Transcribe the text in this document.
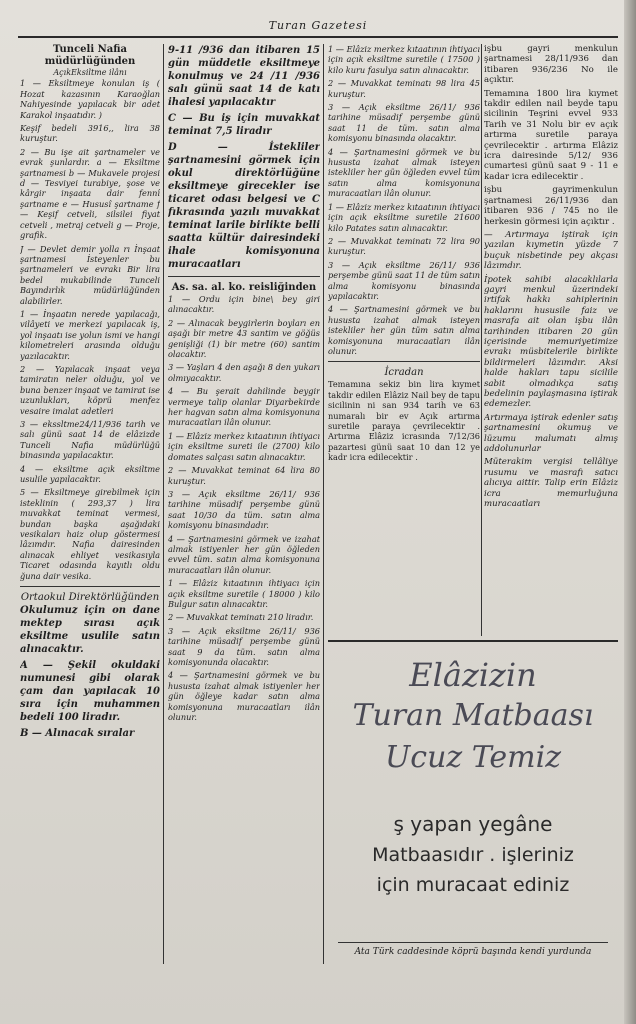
Turan Gazetesi
Tunceli Nafia müdürlüğünden
AçıkEksiltme ilânı

1 — Eksiltmeye konulan iş ( Hozat kazasının Karaoğlan Nahiyesinde yapılacak bir adet Karakol inşaatıdır. )

Keşif bedeli 3916,, lira 38 kuruştur.

2 — Bu işe ait şartnameler ve evrak şunlardır. a — Eksiltme şartnamesi b — Mukavele projesi d — Tesviyei turabiye, şose ve kârgir inşaata dair fennî şartname e — Hususî şartname f — Keşif cetveli, silsilei fiyat cetveli , metraj cetveli g — Proje, grafik.

J — Devlet demir yolla rı İnşaat şartnamesi İsteyenler bu şartnameleri ve evrakı Bir lira bedel mukabilinde Tunceli Bayındırlık müdürlüğünden alabilirler.

1 — İnşaatın nerede yapılacağı, vilâyeti ve merkezi yapılacak iş, yol inşaatı ise yolun ismi ve hangi kilometreleri arasında olduğu yazılacaktır.

2 — Yapılacak inşaat veya tamiratın neler olduğu, yol ve buna benzer inşaat ve tamirat ise uzunlukları, köprü menfez vesaire imalat adetleri

3 — ekssltme24/11/936 tarih ve salı günü saat 14 de elâzizde Tunceli Nafia müdürlüğü binasında yapılacaktır.

4 — eksiltme açık eksiltme usulile yapılacaktır.

5 — Eksiltmeye girebilmek için isteklinin ( 293,37 ) lira muvakkat teminat vermesi, bundan başka aşağıdaki vesikaları haiz olup göstermesi lâzımdır. Nafia dairesinden alınacak ehliyet vesikasıyla Ticaret odasında kayıtlı oldu ğuna dair vesika.

Ortaokul Direktörlüğünden

Okulumuz için on dane mektep sırası açık eksiltme usulile satın alınacaktır.

A — Şekil okuldaki numunesi gibi olarak çam dan yapılacak 10 sıra için muhammen bedeli 100 liradır.

B — Alınacak sıralar

9-11 /936 dan itibaren 15 gün müddetle eksiltmeye konulmuş ve 24 /11 /936 salı günü saat 14 de katı ihalesi yapılacaktır

C — Bu iş için muvakkat teminat 7,5 liradır

D — İstekliler şartnamesini görmek için okul direktörlüğüne eksiltmeye girecekler ise ticaret odası belgesi ve C fıkrasında yazılı muvakkat teminat larile birlikte belli saatta kültür dairesindeki ihale komisyonuna muracaatları

As. sa. al. ko. reisliğinden

1 — Ordu için bine\ bey giri alınacaktır.

2 — Alınacak beygirlerin boyları en aşağı bir metre 43 santim ve göğüs genişliği (1) bir metre (60) santim olacaktır.

3 — Yaşları 4 den aşağı 8 den yukarı olmıyacaktır.

4 — Bu şerait dahilinde beygir vermeye talip olanlar Diyarbekirde her hagvan satın alma komisyonuna muracaatları ilân olunur.

1 — Elâziz merkez kıtaatının ihtiyacı için eksiltme sureti ile (2700) kilo domates salçası satın alınacaktır.

2 — Muvakkat teminat 64 lira 80 kuruştur.

3 — Açık eksiltme 26/11/ 936 tarihine müsadif perşembe günü saat 10/30 da tüm. satın alma komisyonu binasındadır.

4 — Şartnamesini görmek ve izahat almak istiyenler her gün öğleden evvel tüm. satın alma komisyonuna muracaatları ilân olunur.

1 — Elâziz kıtaatının ihtiyacı için açık eksiltme suretile ( 18000 ) kilo Bulgur satın alınacaktır.

2 — Muvakkat teminatı 210 liradır.

3 — Açık eksiltme 26/11/ 936 tarihine müsadif perşembe günü saat 9 da tüm. satın alma komisyonunda olacaktır.

4 — Şartnamesini görmek ve bu hususta izahat almak istiyenler her gün öğleye kadar satın alma komisyonuna muracaatları ilân olunur.

1 — Elâziz merkez kıtaatının ihtiyacı için açık eksiltme suretile ( 17500 ) kilo kuru fasulya satın alınacaktır.

2 — Muvakkat teminatı 98 lira 45 kuruştur.

3 — Açık eksiltme 26/11/ 936 tarihine müsadif perşembe günü saat 11 de tüm. satın alma komisyonu binasında olacaktır.

4 — Şartnamesini görmek ve bu hususta izahat almak isteyen istekliler her gün öğleden evvel tüm satın alma komisyonuna muracaatları ilân olunur.

1 — Elâziz merkez kıtaatının ihtiyacı için açık eksiltme suretile 21600 kilo Patates satın alınacaktır.

2 — Muvakkat teminatı 72 lira 90 kuruştur.

3 — Açık eksiltme 26/11/ 936 perşembe günü saat 11 de tüm satın alma komisyonu binasında yapılacaktır.

4 — Şartnamesini görmek ve bu hususta izahat almak isteyen istekliler her gün tüm satın alma komisyonuna muracaatları ilân olunur.

İcradan

Temamına sekiz bin lira kıymet takdir edilen Elâziz Nail bey de tapu sicilinin ni san 934 tarih ve 63 numaralı bir ev Açık artırma suretile paraya çevrilecektir . Artırma Elâziz icrasında 7/12/36 pazartesi günü saat 10 dan 12 ye kadr icra edilecektir .

işbu gayri menkulun şartnamesi 28/11/936 dan itibaren 936/236 No ile açıktır.

Temamına 1800 lira kıymet takdir edilen nail beyde tapu sicilinin Teşrini evvel 933 Tarih ve 31 Nolu bir ev açık artırma suretile paraya çevrilecektir . artırma Elâziz icra dairesinde 5/12/ 936 cumartesi günü saat 9 - 11 e kadar icra edilecektir .

işbu gayrimenkulun şartnamesi 26/11/936 dan itibaren 936 / 745 no ile herkesin görmesi için açıktır .

— Artırmaya iştirak için yazılan kıymetin yüzde 7 buçuk nisbetinde pey akçası lâzımdır.

İpotek sahibi alacaklılarla gayri menkul üzerindeki irtifak hakkı sahiplerinin haklarını hususile faiz ve masrafa ait olan işbu ilân tarihinden itibaren 20 gün içerisinde memuriyetimize evrakı müsbitelerile birlikte bildirmeleri lâzımdır. Aksi halde hakları tapu sicilile sabit olmadıkça satış bedelinin paylaşmasına iştirak edemezler.

Artırmaya iştirak edenler satış şartnamesini okumuş ve lüzumu malumatı almış addolunurlar

Müterakim vergisi tellâliye rusumu ve masrafı satıcı alıcıya aittir. Talip erin Elâziz icra memurluğuna muracaatları

Elâzizin
Turan Matbaası
Ucuz Temiz
ş yapan yegâne
Matbaasıdır . işleriniz
için muracaat ediniz
Ata Türk caddesinde köprü başında kendi yurdunda
